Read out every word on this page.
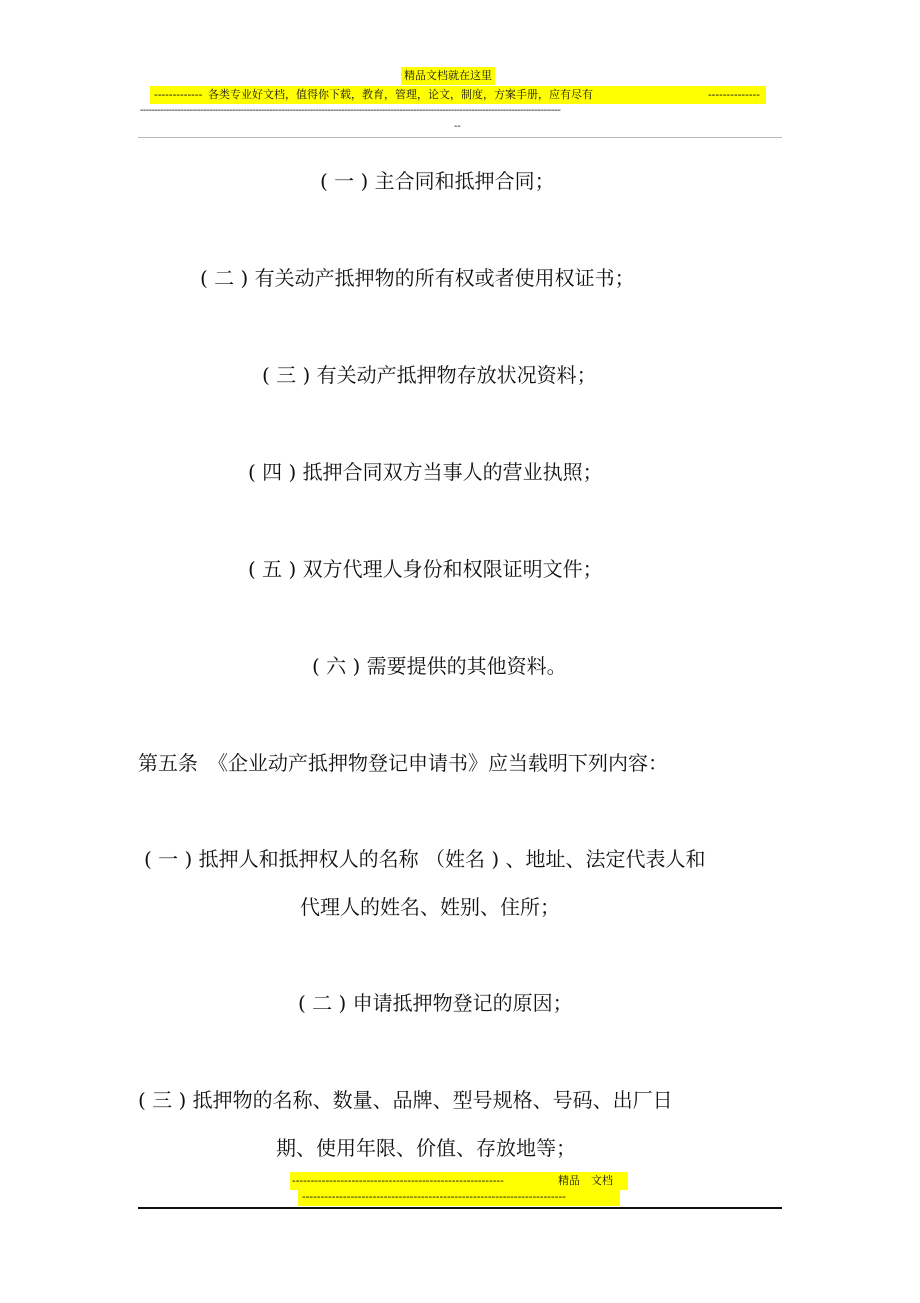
精品文档就在这里
------------- 各类专业好文档，值得你下载，教育，管理，论文，制度，方案手册，应有尽有	--------------
--------------------------------------------------------------------------------------------------------------------------------------------------
--
( 一 ) 主合同和抵押合同；
( 二 ) 有关动产抵押物的所有权或者使用权证书；
( 三 ) 有关动产抵押物存放状况资料；
( 四 ) 抵押合同双方当事人的营业执照；
( 五 ) 双方代理人身份和权限证明文件；
( 六 ) 需要提供的其他资料。
第五条　《企业动产抵押物登记申请书》应当载明下列内容：
( 一 ) 抵押人和抵押权人的名称 （姓名 ) 、地址、法定代表人和
代理人的姓名、姓别、住所；
( 二 ) 申请抵押物登记的原因；
( 三 ) 抵押物的名称、数量、品牌、型号规格、号码、出厂日
期、使用年限、价值、存放地等；
---------------------------------------------------------	精品　文档
-----------------------------------------------------------------------
